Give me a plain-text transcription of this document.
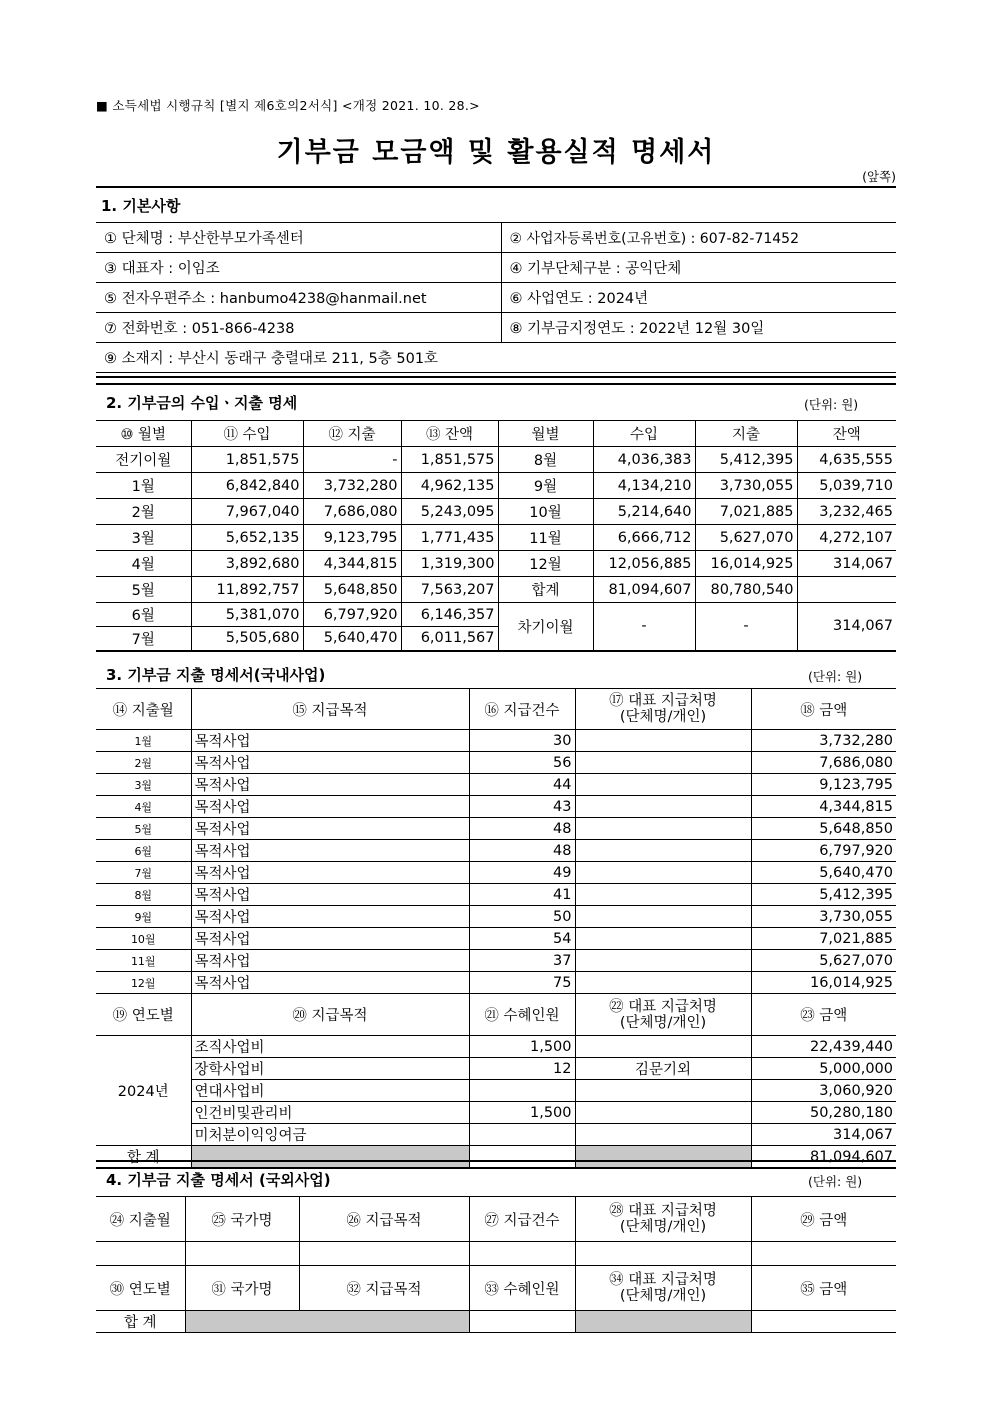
■ 소득세법 시행규칙 [별지 제6호의2서식] <개정 2021. 10. 28.>
기부금 모금액 및 활용실적 명세서
(앞쪽)
1. 기본사항
① 단체명 : 부산한부모가족센터	② 사업자등록번호(고유번호) : 607-82-71452
③ 대표자 : 이임조	④ 기부단체구분 : 공익단체
⑤ 전자우편주소 : hanbumo4238@hanmail.net	⑥ 사업연도 : 2024년
⑦ 전화번호 : 051-866-4238	⑧ 기부금지정연도 : 2022년 12월 30일
⑨ 소재지 : 부산시 동래구 충렬대로 211, 5층 501호	
2. 기부금의 수입ㆍ지출 명세	(단위: 원)
⑩ 월별	⑪ 수입	⑫ 지출	⑬ 잔액	월별	수입	지출	잔액
전기이월	1,851,575	-	1,851,575	8월	4,036,383	5,412,395	4,635,555
1월	6,842,840	3,732,280	4,962,135	9월	4,134,210	3,730,055	5,039,710
2월	7,967,040	7,686,080	5,243,095	10월	5,214,640	7,021,885	3,232,465
3월	5,652,135	9,123,795	1,771,435	11월	6,666,712	5,627,070	4,272,107
4월	3,892,680	4,344,815	1,319,300	12월	12,056,885	16,014,925	314,067
5월	11,892,757	5,648,850	7,563,207	합계	81,094,607	80,780,540	
6월	5,381,070	6,797,920	6,146,357	차기이월	-	-	314,067
7월	5,505,680	5,640,470	6,011,567				
3. 기부금 지출 명세서(국내사업)	(단위: 원)
⑭ 지출월	⑮ 지급목적	⑯ 지급건수	⑰ 대표 지급처명
(단체명/개인)	⑱ 금액
1월	목적사업	30		3,732,280
2월	목적사업	56		7,686,080
3월	목적사업	44		9,123,795
4월	목적사업	43		4,344,815
5월	목적사업	48		5,648,850
6월	목적사업	48		6,797,920
7월	목적사업	49		5,640,470
8월	목적사업	41		5,412,395
9월	목적사업	50		3,730,055
10월	목적사업	54		7,021,885
11월	목적사업	37		5,627,070
12월	목적사업	75		16,014,925
⑲ 연도별	⑳ 지급목적	㉑ 수혜인원	㉒ 대표 지급처명
(단체명/개인)	㉓ 금액
2024년	조직사업비	1,500		22,439,440
	장학사업비	12	김문기외	5,000,000
	연대사업비			3,060,920
	인건비및관리비	1,500		50,280,180
	미처분이익잉여금			314,067
합 계				81,094,607
4. 기부금 지출 명세서 (국외사업)	(단위: 원)
㉔ 지출월	㉕ 국가명	㉖ 지급목적	㉗ 지급건수	㉘ 대표 지급처명
(단체명/개인)	㉙ 금액

㉚ 연도별	㉛ 국가명	㉜ 지급목적	㉝ 수혜인원	㉞ 대표 지급처명
(단체명/개인)	㉟ 금액
합 계					
